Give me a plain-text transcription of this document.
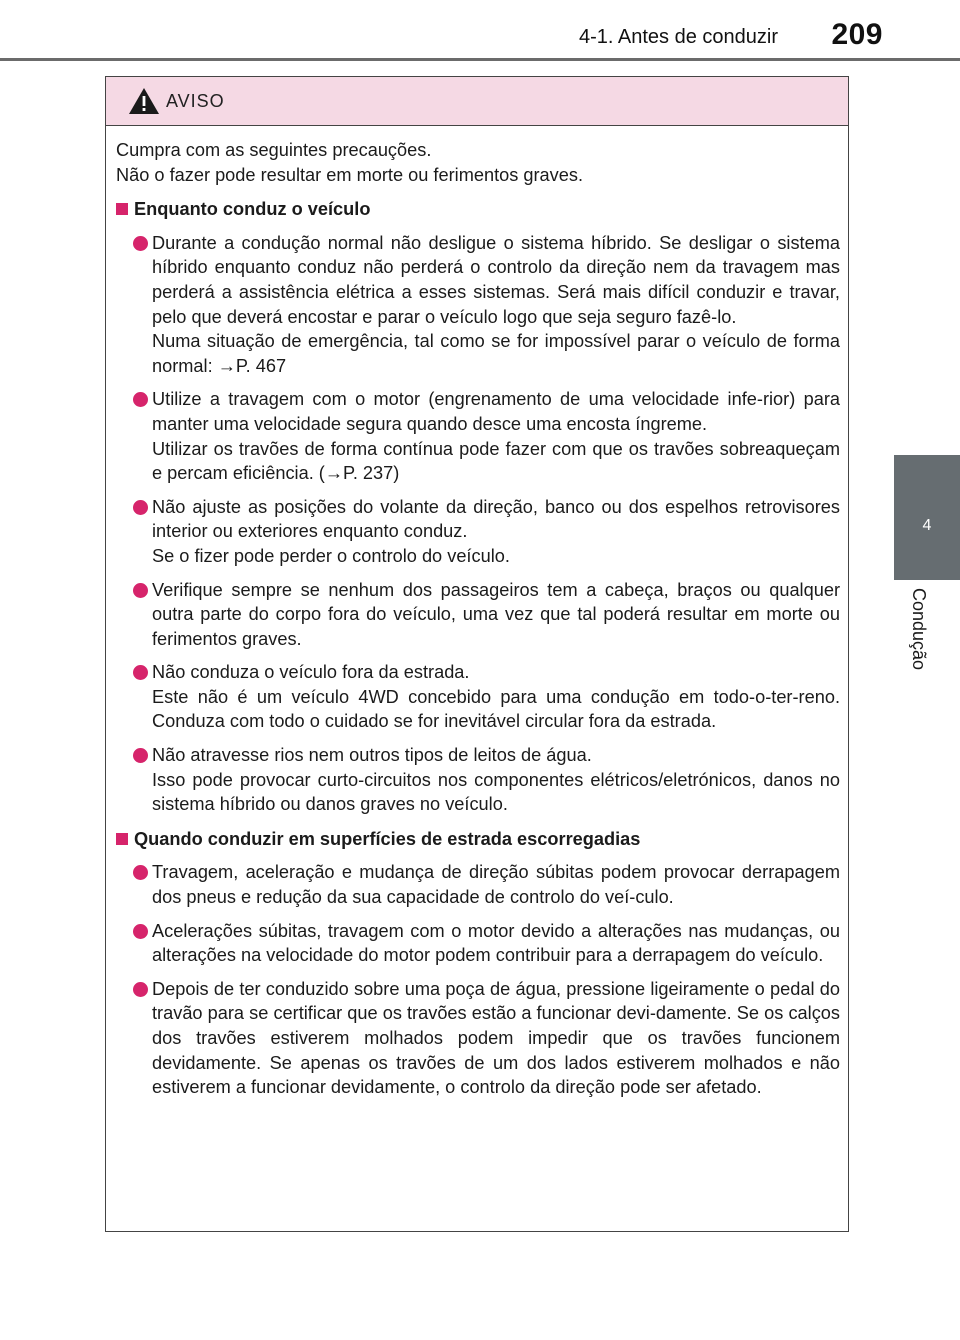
4-1. Antes de conduzir 209
4
Condução
AVISO

Cumpra com as seguintes precauções.

Não o fazer pode resultar em morte ou ferimentos graves.

Enquanto conduz o veículo

Durante a condução normal não desligue o sistema híbrido. Se desligar o sistema híbrido enquanto conduz não perderá o controlo da direção nem da travagem mas perderá a assistência elétrica a esses sistemas. Será mais difícil conduzir e travar, pelo que deverá encostar e parar o veículo logo que seja seguro fazê-lo.

Numa situação de emergência, tal como se for impossível parar o veículo de forma normal: →P. 467

Utilize a travagem com o motor (engrenamento de uma velocidade infe-rior) para manter uma velocidade segura quando desce uma encosta íngreme.

Utilizar os travões de forma contínua pode fazer com que os travões sobreaqueçam e percam eficiência. (→P. 237)

Não ajuste as posições do volante da direção, banco ou dos espelhos retrovisores interior ou exteriores enquanto conduz.

Se o fizer pode perder o controlo do veículo.

Verifique sempre se nenhum dos passageiros tem a cabeça, braços ou qualquer outra parte do corpo fora do veículo, uma vez que tal poderá resultar em morte ou ferimentos graves.

Não conduza o veículo fora da estrada.

Este não é um veículo 4WD concebido para uma condução em todo-o-ter-reno. Conduza com todo o cuidado se for inevitável circular fora da estrada.

Não atravesse rios nem outros tipos de leitos de água.

Isso pode provocar curto-circuitos nos componentes elétricos/eletrónicos, danos no sistema híbrido ou danos graves no veículo.

Quando conduzir em superfícies de estrada escorregadias

Travagem, aceleração e mudança de direção súbitas podem provocar derrapagem dos pneus e redução da sua capacidade de controlo do veí-culo.

Acelerações súbitas, travagem com o motor devido a alterações nas mudanças, ou alterações na velocidade do motor podem contribuir para a derrapagem do veículo.

Depois de ter conduzido sobre uma poça de água, pressione ligeiramente o pedal do travão para se certificar que os travões estão a funcionar devi-damente. Se os calços dos travões estiverem molhados podem impedir que os travões funcionem devidamente. Se apenas os travões de um dos lados estiverem molhados e não estiverem a funcionar devidamente, o controlo da direção pode ser afetado.
